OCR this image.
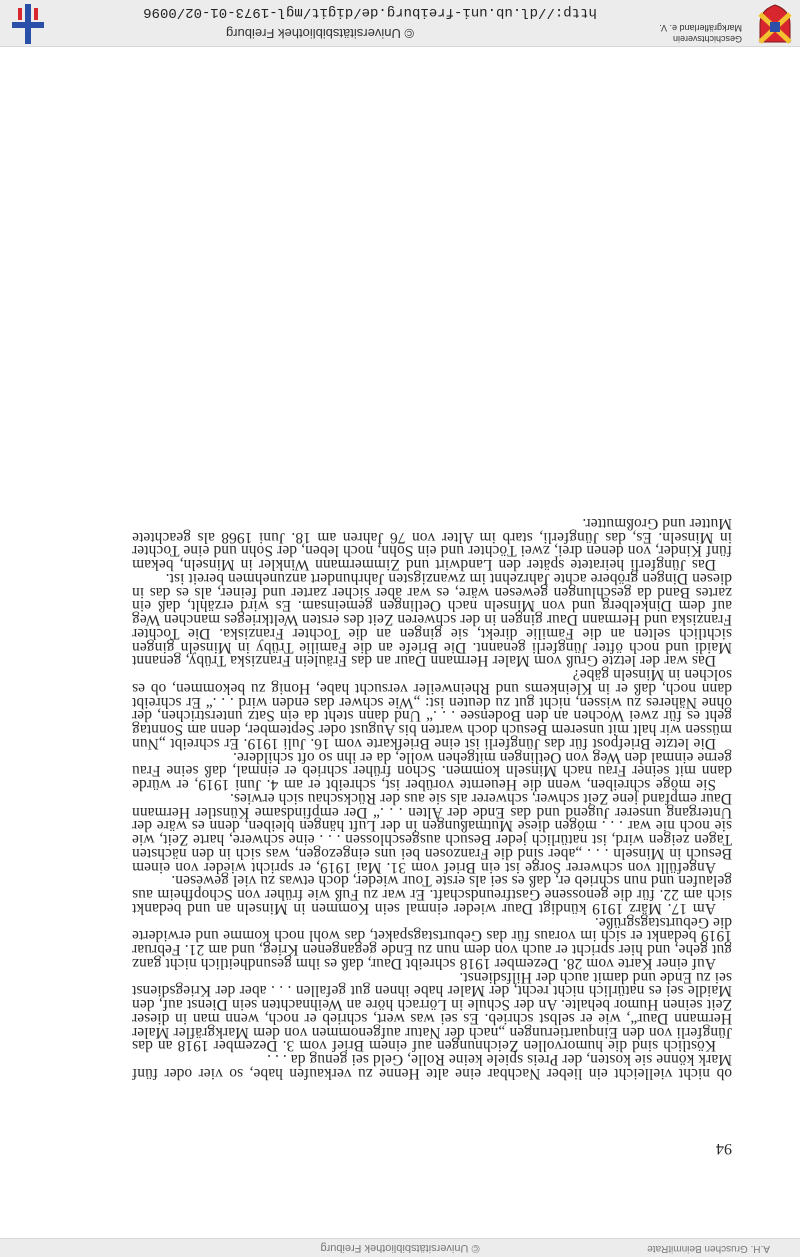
Geschichtsverein
Markgräflerland e. V.
© Universitätsbibliothek Freiburg
http://dl.ub.uni-freiburg.de/digit/mgl-1973-01-02/0096
94

ob nicht vielleicht ein lieber Nachbar eine alte Henne zu verkaufen habe, so vier oder fünf Mark könne sie kosten, der Preis spiele keine Rolle, Geld sei genug da . . .

Köstlich sind die humorvollen Zeichnungen auf einem Brief vom 3. Dezember 1918 an das Jüngferli von den Einquartierungen „nach der Natur aufgenommen von dem Markgräfler Maler Hermann Daur“, wie er selbst schrieb. Es sei was wert, schrieb er noch, wenn man in dieser Zeit seinen Humor behalte. An der Schule in Lörrach höre an Weihnachten sein Dienst auf, den Maidle sei es natürlich nicht recht, der Maler habe ihnen gut gefallen . . . aber der Kriegsdienst sei zu Ende und damit auch der Hilfsdienst.

Auf einer Karte vom 28. Dezember 1918 schreibt Daur, daß es ihm gesundheitlich nicht ganz gut gehe, und hier spricht er auch von dem nun zu Ende gegangenen Krieg, und am 21. Februar 1919 bedankt er sich im voraus für das Geburtstagspaket, das wohl noch komme und erwiderte die Geburtstagsgrüße.

Am 17. März 1919 kündigt Daur wieder einmal sein Kommen in Minseln an und bedankt sich am 22. für die genossene Gastfreundschaft. Er war zu Fuß wie früher von Schopfheim aus gelaufen und nun schrieb er, daß es sei als erste Tour wieder, doch etwas zu viel gewesen.

Angefüllt von schwerer Sorge ist ein Brief vom 31. Mai 1919, er spricht wieder von einem Besuch in Minseln . . . „aber sind die Franzosen bei uns eingezogen, was sich in den nächsten Tagen zeigen wird, ist natürlich jeder Besuch ausgeschlossen . . . eine schwere, harte Zeit, wie sie noch nie war . . . mögen diese Mutmaßungen in der Luft hängen bleiben, denn es wäre der Untergang unserer Jugend und das Ende der Alten . . .“ Der empfindsame Künstler Hermann Daur empfand jene Zeit schwer, schwerer als sie aus der Rückschau sich erwies.

Sie möge schreiben, wenn die Heuernte vorüber ist, schreibt er am 4. Juni 1919, er würde dann mit seiner Frau nach Minseln kommen. Schon früher schrieb er einmal, daß seine Frau gerne einmal den Weg von Oetlingen mitgehen wolle, da er ihn so oft schildere.

Die letzte Briefpost für das Jüngferli ist eine Briefkarte vom 16. Juli 1919. Er schreibt „Nun müssen wir halt mit unserem Besuch doch warten bis August oder September, denn am Sonntag geht es für zwei Wochen an den Bodensee . . .“ Und dann steht da ein Satz unterstrichen, der ohne Näheres zu wissen, nicht gut zu deuten ist: „Wie schwer das enden wird . . .“ Er schreibt dann noch, daß er in Kleinkems und Rheinweiler versucht habe, Honig zu bekommen, ob es solchen in Minseln gäbe?

Das war der letzte Gruß vom Maler Hermann Daur an das Fräulein Franziska Trüby, genannt Maidi und noch öfter Jüngferli genannt. Die Briefe an die Familie Trüby in Minseln gingen sichtlich selten an die Familie direkt, sie gingen an die Tochter Franziska. Die Tochter Franziska und Hermann Daur gingen in der schweren Zeit des ersten Weltkrieges manchen Weg auf dem Dinkelberg und von Minseln nach Oetlingen gemeinsam. Es wird erzählt, daß ein zartes Band da geschlungen gewesen wäre, es war aber sicher zarter und feiner, als es das in diesen Dingen gröbere achte Jahrzehnt im zwanzigsten Jahrhundert anzunehmen bereit ist.

Das Jüngferli heiratete später den Landwirt und Zimmermann Winkler in Minseln, bekam fünf Kinder, von denen drei, zwei Töchter und ein Sohn, noch leben, der Sohn und eine Tochter in Minseln. Es, das Jüngferli, starb im Alter von 76 Jahren am 18. Juni 1968 als geachtete Mutter und Großmutter.

A.H. Gruschen BeinmitRate
© Universitätsbibliothek Freiburg
